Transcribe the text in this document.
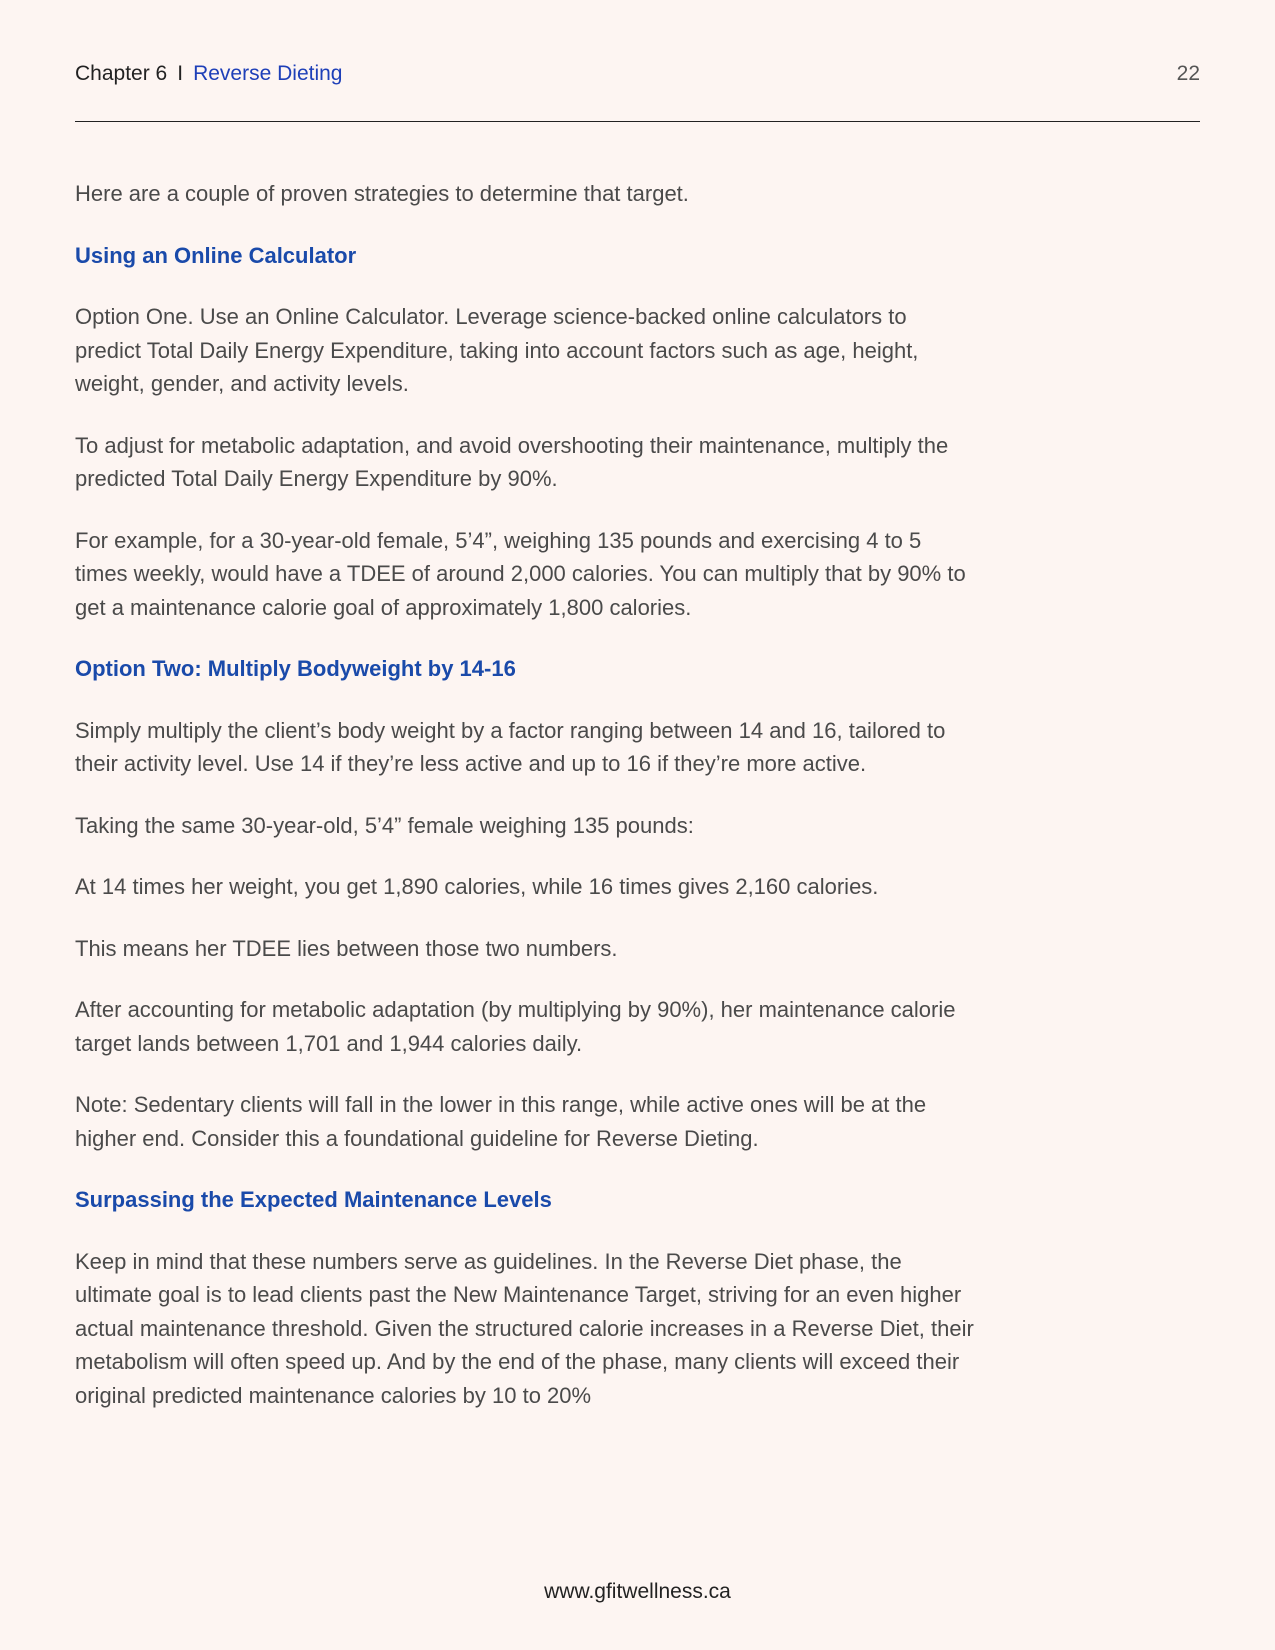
Chapter 6 I Reverse Dieting	22

Here are a couple of proven strategies to determine that target.

Using an Online Calculator

Option One. Use an Online Calculator. Leverage science-backed online calculators to predict Total Daily Energy Expenditure, taking into account factors such as age, height, weight, gender, and activity levels.

To adjust for metabolic adaptation, and avoid overshooting their maintenance, multiply the predicted Total Daily Energy Expenditure by 90%.

For example, for a 30-year-old female, 5’4”, weighing 135 pounds and exercising 4 to 5 times weekly, would have a TDEE of around 2,000 calories. You can multiply that by 90% to get a maintenance calorie goal of approximately 1,800 calories.

Option Two: Multiply Bodyweight by 14-16

Simply multiply the client’s body weight by a factor ranging between 14 and 16, tailored to their activity level. Use 14 if they’re less active and up to 16 if they’re more active.

Taking the same 30-year-old, 5’4” female weighing 135 pounds:

At 14 times her weight, you get 1,890 calories, while 16 times gives 2,160 calories.

This means her TDEE lies between those two numbers.

After accounting for metabolic adaptation (by multiplying by 90%), her maintenance calorie target lands between 1,701 and 1,944 calories daily.

Note: Sedentary clients will fall in the lower in this range, while active ones will be at the higher end. Consider this a foundational guideline for Reverse Dieting.

Surpassing the Expected Maintenance Levels

Keep in mind that these numbers serve as guidelines. In the Reverse Diet phase, the ultimate goal is to lead clients past the New Maintenance Target, striving for an even higher actual maintenance threshold. Given the structured calorie increases in a Reverse Diet, their metabolism will often speed up. And by the end of the phase, many clients will exceed their original predicted maintenance calories by 10 to 20%

www.gfitwellness.ca
